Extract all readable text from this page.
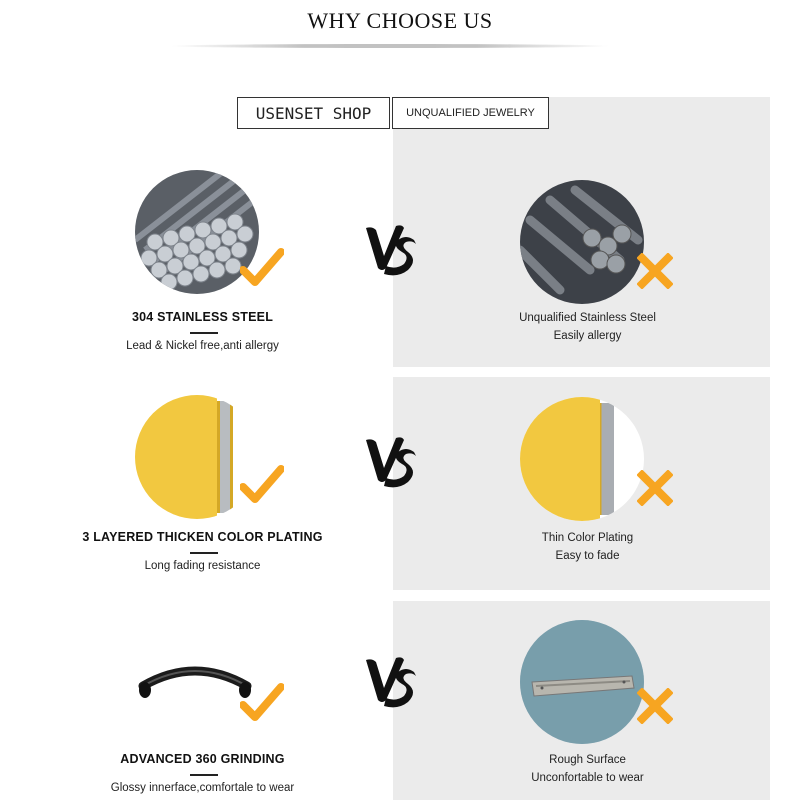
WHY CHOOSE US
USENSET SHOP	UNQUALIFIED JEWELRY
304 STAINLESS STEEL
Lead & Nickel free,anti allergy
Unqualified Stainless Steel
Easily allergy
3 LAYERED THICKEN COLOR PLATING
Long fading resistance
Thin Color Plating
Easy to fade
ADVANCED 360 GRINDING
Glossy innerface,comfortale to wear
Rough Surface
Unconfortable to wear
